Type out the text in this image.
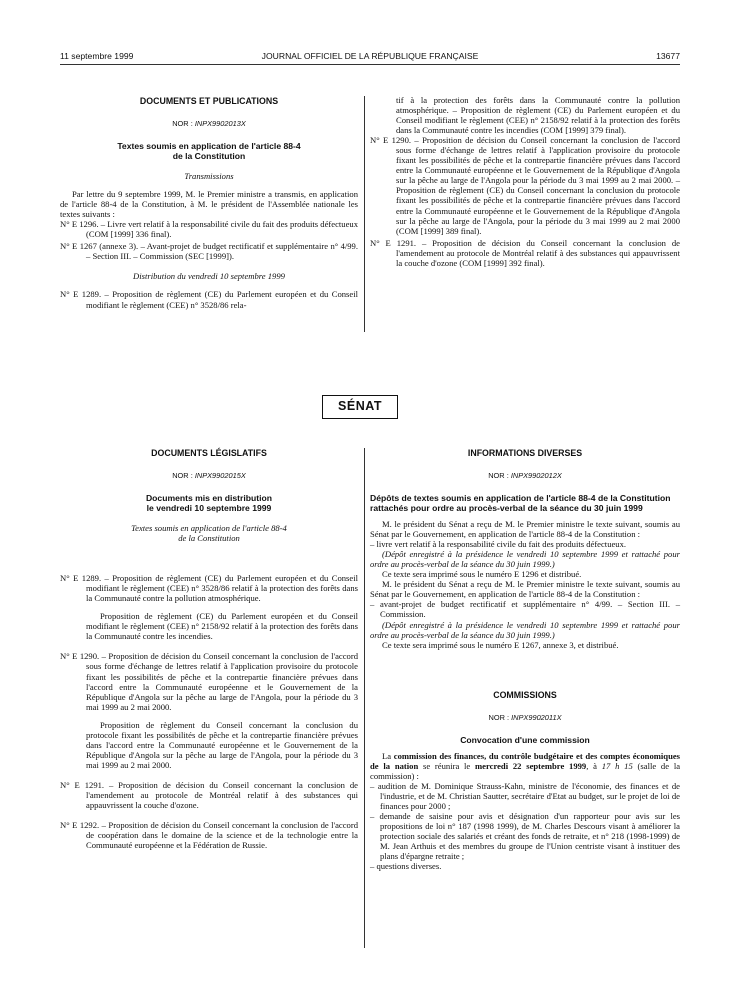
11 septembre 1999	JOURNAL OFFICIEL DE LA RÉPUBLIQUE FRANÇAISE	13677
DOCUMENTS ET PUBLICATIONS
NOR : INPX9902013X
Textes soumis en application de l'article 88-4
de la Constitution
Transmissions

Par lettre du 9 septembre 1999, M. le Premier ministre a transmis, en application de l'article 88-4 de la Constitution, à M. le président de l'Assemblée nationale les textes suivants :

N° E 1296. – Livre vert relatif à la responsabilité civile du fait des produits défectueux (COM [1999] 336 final).

N° E 1267 (annexe 3). – Avant-projet de budget rectificatif et supplémentaire n° 4/99. – Section III. – Commission (SEC [1999]).

Distribution du vendredi 10 septembre 1999

N° E 1289. – Proposition de règlement (CE) du Parlement européen et du Conseil modifiant le règlement (CEE) n° 3528/86 rela-

tif à la protection des forêts dans la Communauté contre la pollution atmosphérique. – Proposition de règlement (CE) du Parlement européen et du Conseil modifiant le règlement (CEE) n° 2158/92 relatif à la protection des forêts dans la Communauté contre les incendies (COM [1999] 379 final).

N° E 1290. – Proposition de décision du Conseil concernant la conclusion de l'accord sous forme d'échange de lettres relatif à l'application provisoire du protocole fixant les possibilités de pêche et la contrepartie financière prévues dans l'accord entre la Communauté européenne et le Gouvernement de la République d'Angola sur la pêche au large de l'Angola pour la période du 3 mai 1999 au 2 mai 2000. – Proposition de règlement (CE) du Conseil concernant la conclusion du protocole fixant les possibilités de pêche et la contrepartie financière prévues dans l'accord entre la Communauté européenne et le Gouvernement de la République d'Angola sur la pêche au large de l'Angola, pour la période du 3 mai 1999 au 2 mai 2000 (COM [1999] 389 final).

N° E 1291. – Proposition de décision du Conseil concernant la conclusion de l'amendement au protocole de Montréal relatif à des substances qui appauvrissent la couche d'ozone (COM [1999] 392 final).

SÉNAT
DOCUMENTS LÉGISLATIFS
NOR : INPX9902015X
Documents mis en distribution
le vendredi 10 septembre 1999
Textes soumis en application de l'article 88-4
de la Constitution

N° E 1289. – Proposition de règlement (CE) du Parlement européen et du Conseil modifiant le règlement (CEE) n° 3528/86 relatif à la protection des forêts dans la Communauté contre la pollution atmosphérique.

Proposition de règlement (CE) du Parlement européen et du Conseil modifiant le règlement (CEE) n° 2158/92 relatif à la protection des forêts dans la Communauté contre les incendies.

N° E 1290. – Proposition de décision du Conseil concernant la conclusion de l'accord sous forme d'échange de lettres relatif à l'application provisoire du protocole fixant les possibilités de pêche et la contrepartie financière prévues dans l'accord entre la Communauté européenne et le Gouvernement de la République d'Angola sur la pêche au large de l'Angola, pour la période du 3 mai 1999 au 2 mai 2000.

Proposition de règlement du Conseil concernant la conclusion du protocole fixant les possibilités de pêche et la contrepartie financière prévues dans l'accord entre la Communauté européenne et le Gouvernement de la République d'Angola sur la pêche au large de l'Angola, pour la période du 3 mai 1999 au 2 mai 2000.

N° E 1291. – Proposition de décision du Conseil concernant la conclusion de l'amendement au protocole de Montréal relatif à des substances qui appauvrissent la couche d'ozone.

N° E 1292. – Proposition de décision du Conseil concernant la conclusion de l'accord de coopération dans le domaine de la science et de la technologie entre la Communauté européenne et la Fédération de Russie.

INFORMATIONS DIVERSES
NOR : INPX9902012X
Dépôts de textes soumis en application de l'article 88-4 de la Constitution rattachés pour ordre au procès-verbal de la séance du 30 juin 1999

M. le président du Sénat a reçu de M. le Premier ministre le texte suivant, soumis au Sénat par le Gouvernement, en application de l'article 88-4 de la Constitution :

– livre vert relatif à la responsabilité civile du fait des produits défectueux.

(Dépôt enregistré à la présidence le vendredi 10 septembre 1999 et rattaché pour ordre au procès-verbal de la séance du 30 juin 1999.)

Ce texte sera imprimé sous le numéro E 1296 et distribué.

M. le président du Sénat a reçu de M. le Premier ministre le texte suivant, soumis au Sénat par le Gouvernement, en application de l'article 88-4 de la Constitution :

– avant-projet de budget rectificatif et supplémentaire n° 4/99. – Section III. – Commission.

(Dépôt enregistré à la présidence le vendredi 10 septembre 1999 et rattaché pour ordre au procès-verbal de la séance du 30 juin 1999.)

Ce texte sera imprimé sous le numéro E 1267, annexe 3, et distribué.

COMMISSIONS
NOR : INPX9902011X
Convocation d'une commission

La commission des finances, du contrôle budgétaire et des comptes économiques de la nation se réunira le mercredi 22 septembre 1999, à 17 h 15 (salle de la commission) :

– audition de M. Dominique Strauss-Kahn, ministre de l'économie, des finances et de l'industrie, et de M. Christian Sautter, secrétaire d'Etat au budget, sur le projet de loi de finances pour 2000 ;

– demande de saisine pour avis et désignation d'un rapporteur pour avis sur les propositions de loi n° 187 (1998 1999), de M. Charles Descours visant à améliorer la protection sociale des salariés et créant des fonds de retraite, et n° 218 (1998-1999) de M. Jean Arthuis et des membres du groupe de l'Union centriste visant à instituer des plans d'épargne retraite ;

– questions diverses.
